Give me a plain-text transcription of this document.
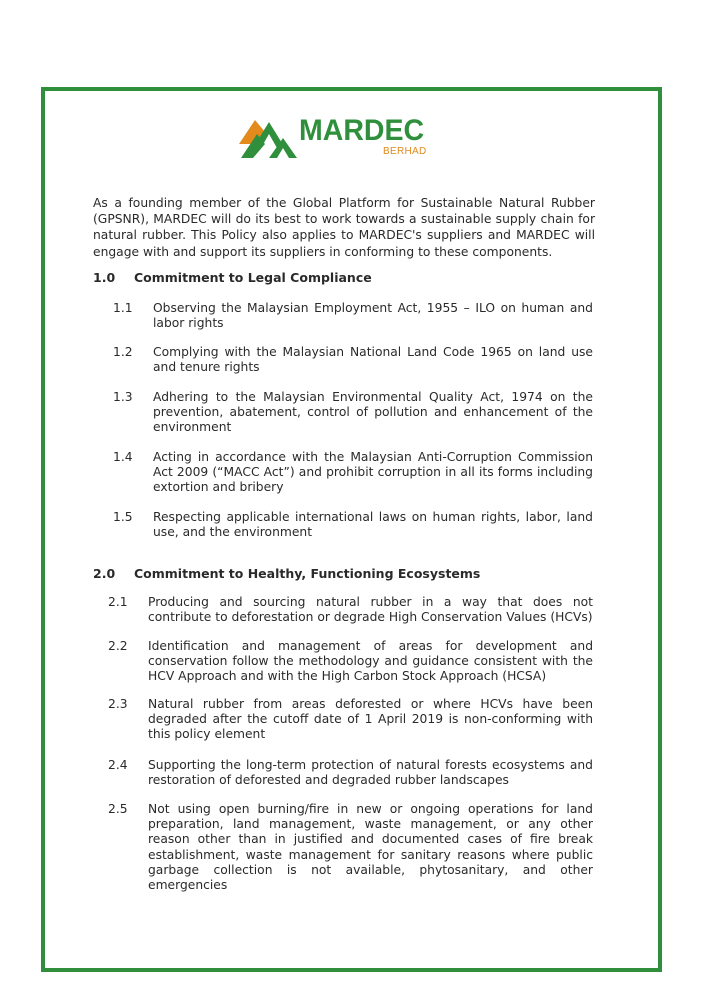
MARDEC
BERHAD
As a founding member of the Global Platform for Sustainable Natural Rubber (GPSNR), MARDEC will do its best to work towards a sustainable supply chain for natural rubber. This Policy also applies to MARDEC's suppliers and MARDEC will engage with and support its suppliers in conforming to these components.
1.0 Commitment to Legal Compliance
1.1 Observing the Malaysian Employment Act, 1955 – ILO on human and labor rights
1.2 Complying with the Malaysian National Land Code 1965 on land use and tenure rights
1.3 Adhering to the Malaysian Environmental Quality Act, 1974 on the prevention, abatement, control of pollution and enhancement of the environment
1.4 Acting in accordance with the Malaysian Anti-Corruption Commission Act 2009 (“MACC Act”) and prohibit corruption in all its forms including extortion and bribery
1.5 Respecting applicable international laws on human rights, labor, land use, and the environment
2.0 Commitment to Healthy, Functioning Ecosystems
2.1 Producing and sourcing natural rubber in a way that does not contribute to deforestation or degrade High Conservation Values (HCVs)
2.2 Identification and management of areas for development and conservation follow the methodology and guidance consistent with the HCV Approach and with the High Carbon Stock Approach (HCSA)
2.3 Natural rubber from areas deforested or where HCVs have been degraded after the cutoff date of 1 April 2019 is non-conforming with this policy element
2.4 Supporting the long-term protection of natural forests ecosystems and restoration of deforested and degraded rubber landscapes
2.5 Not using open burning/fire in new or ongoing operations for land preparation, land management, waste management, or any other reason other than in justified and documented cases of fire break establishment, waste management for sanitary reasons where public garbage collection is not available, phytosanitary, and other emergencies
